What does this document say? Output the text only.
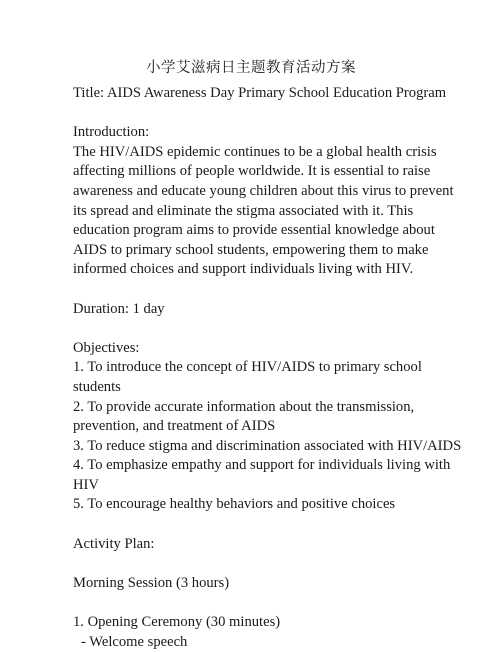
小学艾滋病日主题教育活动方案
Title: AIDS Awareness Day Primary School Education Program
Introduction:
The HIV/AIDS epidemic continues to be a global health crisis
affecting millions of people worldwide. It is essential to raise
awareness and educate young children about this virus to prevent
its spread and eliminate the stigma associated with it. This
education program aims to provide essential knowledge about
AIDS to primary school students, empowering them to make
informed choices and support individuals living with HIV.
Duration: 1 day
Objectives:
1. To introduce the concept of HIV/AIDS to primary school
students
2. To provide accurate information about the transmission,
prevention, and treatment of AIDS
3. To reduce stigma and discrimination associated with HIV/AIDS
4. To emphasize empathy and support for individuals living with
HIV
5. To encourage healthy behaviors and positive choices
Activity Plan:
Morning Session (3 hours)
1. Opening Ceremony (30 minutes)
- Welcome speech
